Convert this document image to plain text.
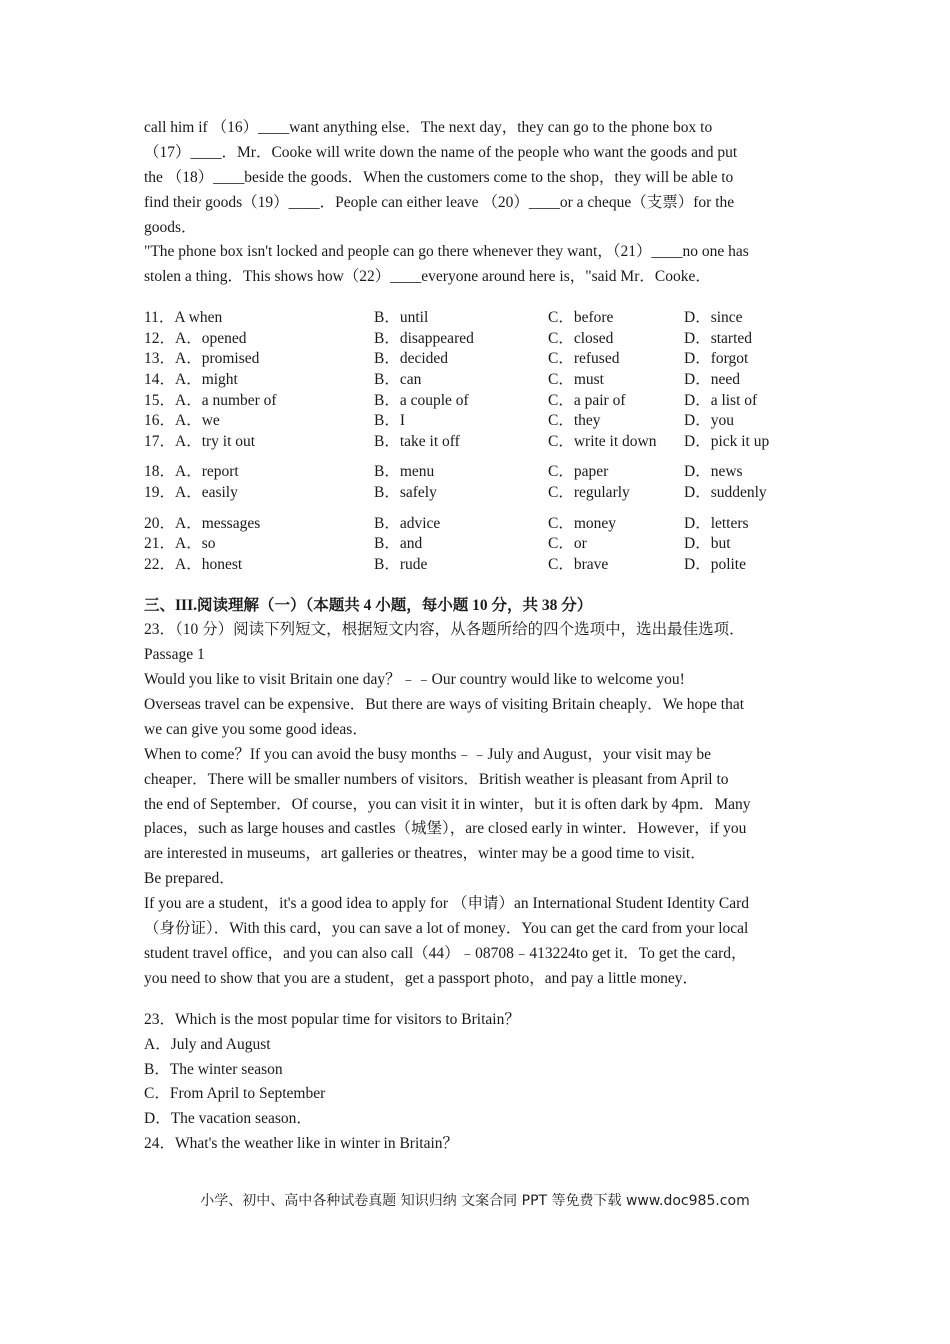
call him if （16）____want anything else．The next day，they can go to the phone box to
（17）____．Mr．Cooke will write down the name of the people who want the goods and put
the （18）____beside the goods．When the customers come to the shop，they will be able to
find their goods（19）____．People can either leave （20）____or a cheque（支票）for the
goods．
"The phone box isn't locked and people can go there whenever they want，（21）____no one has
stolen a thing．This shows how（22）____everyone around here is，"said Mr．Cooke．
11．A when	B．until	C．before	D．since
12．A．opened	B．disappeared	C．closed	D．started
13．A．promised	B．decided	C．refused	D．forgot
14．A．might	B．can	C．must	D．need
15．A．a number of	B．a couple of	C．a pair of	D．a list of
16．A．we	B．I	C．they	D．you
17．A．try it out	B．take it off	C．write it down D．pick it up
18．A．report	B．menu	C．paper	D．news
19．A．easily	B．safely	C．regularly	D．suddenly
20．A．messages	B．advice	C．money	D．letters
21．A．so	B．and	C．or	D．but
22．A．honest	B．rude	C．brave	D．polite
三、III.阅读理解（一）（本题共 4 小题，每小题 10 分，共 38 分）
23．（10 分）阅读下列短文，根据短文内容，从各题所给的四个选项中，选出最佳选项．
Passage 1
Would you like to visit Britain one day？﹣﹣Our country would like to welcome you!
Overseas travel can be expensive．But there are ways of visiting Britain cheaply．We hope that
we can give you some good ideas．
When to come？If you can avoid the busy months﹣﹣July and August，your visit may be
cheaper．There will be smaller numbers of visitors．British weather is pleasant from April to
the end of September．Of course，you can visit it in winter，but it is often dark by 4pm．Many
places，such as large houses and castles（城堡），are closed early in winter．However，if you
are interested in museums，art galleries or theatres，winter may be a good time to visit．
Be prepared．
If you are a student，it's a good idea to apply for （申请）an International Student Identity Card
（身份证）．With this card，you can save a lot of money．You can get the card from your local
student travel office，and you can also call（44）﹣08708﹣413224to get it．To get the card，
you need to show that you are a student，get a passport photo，and pay a little money．
23．Which is the most popular time for visitors to Britain？
A．July and August
B．The winter season
C．From April to September
D．The vacation season．
24．What's the weather like in winter in Britain？
小学、初中、高中各种试卷真题 知识归纳 文案合同 PPT 等免费下载 www.doc985.com
